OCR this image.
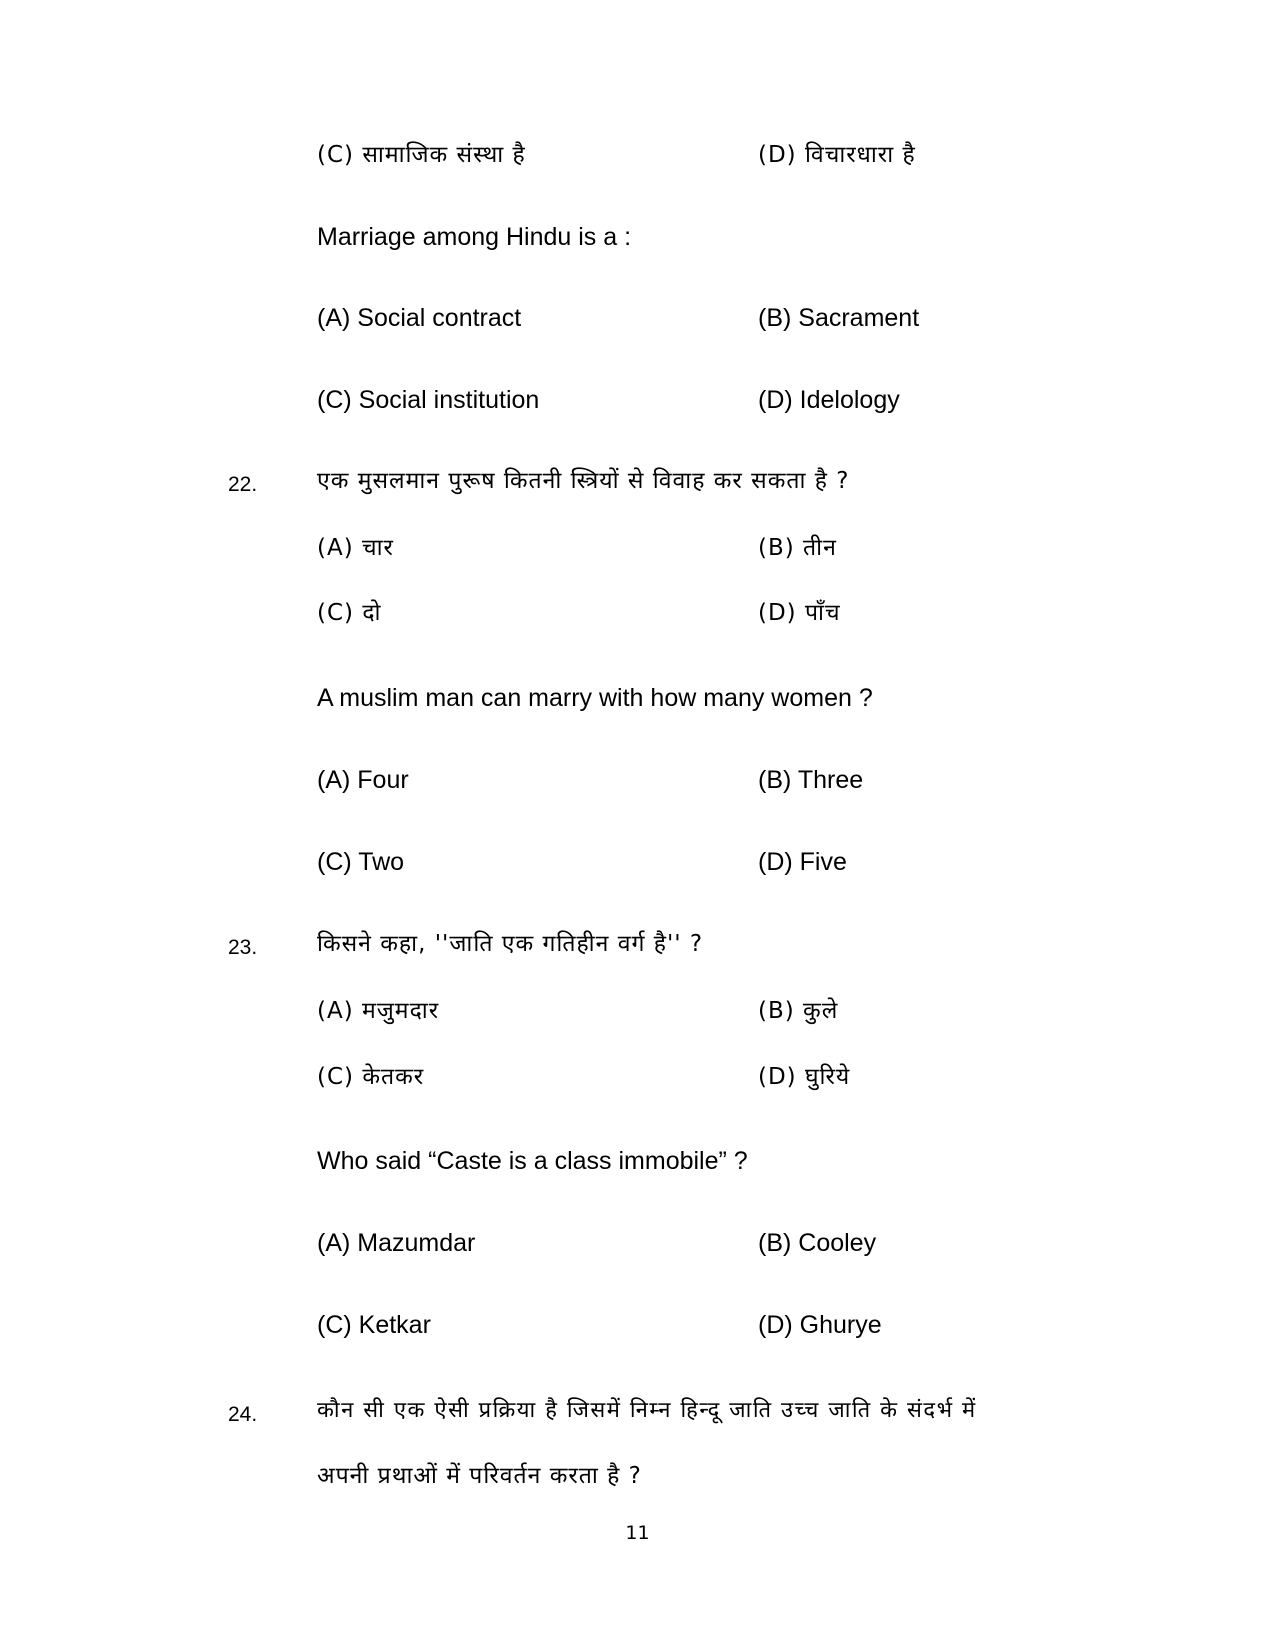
(C) सामाजिक संस्था है	(D) विचारधारा है
Marriage among Hindu is a :
(A) Social contract	(B) Sacrament
(C) Social institution	(D) Idelology
22.	एक मुसलमान पुरूष कितनी स्त्रियों से विवाह कर सकता है ?
(A) चार	(B) तीन
(C) दो	(D) पाँच
A muslim man can marry with how many women ?
(A) Four	(B) Three
(C) Two	(D) Five
23.	किसने कहा, ''जाति एक गतिहीन वर्ग है'' ?
(A) मजुमदार	(B) कुले
(C) केतकर	(D) घुरिये
Who said “Caste is a class immobile” ?
(A) Mazumdar	(B) Cooley
(C) Ketkar	(D) Ghurye
24.	कौन सी एक ऐसी प्रक्रिया है जिसमें निम्न हिन्दू जाति उच्च जाति के संदर्भ में
अपनी प्रथाओं में परिवर्तन करता है ?
11
